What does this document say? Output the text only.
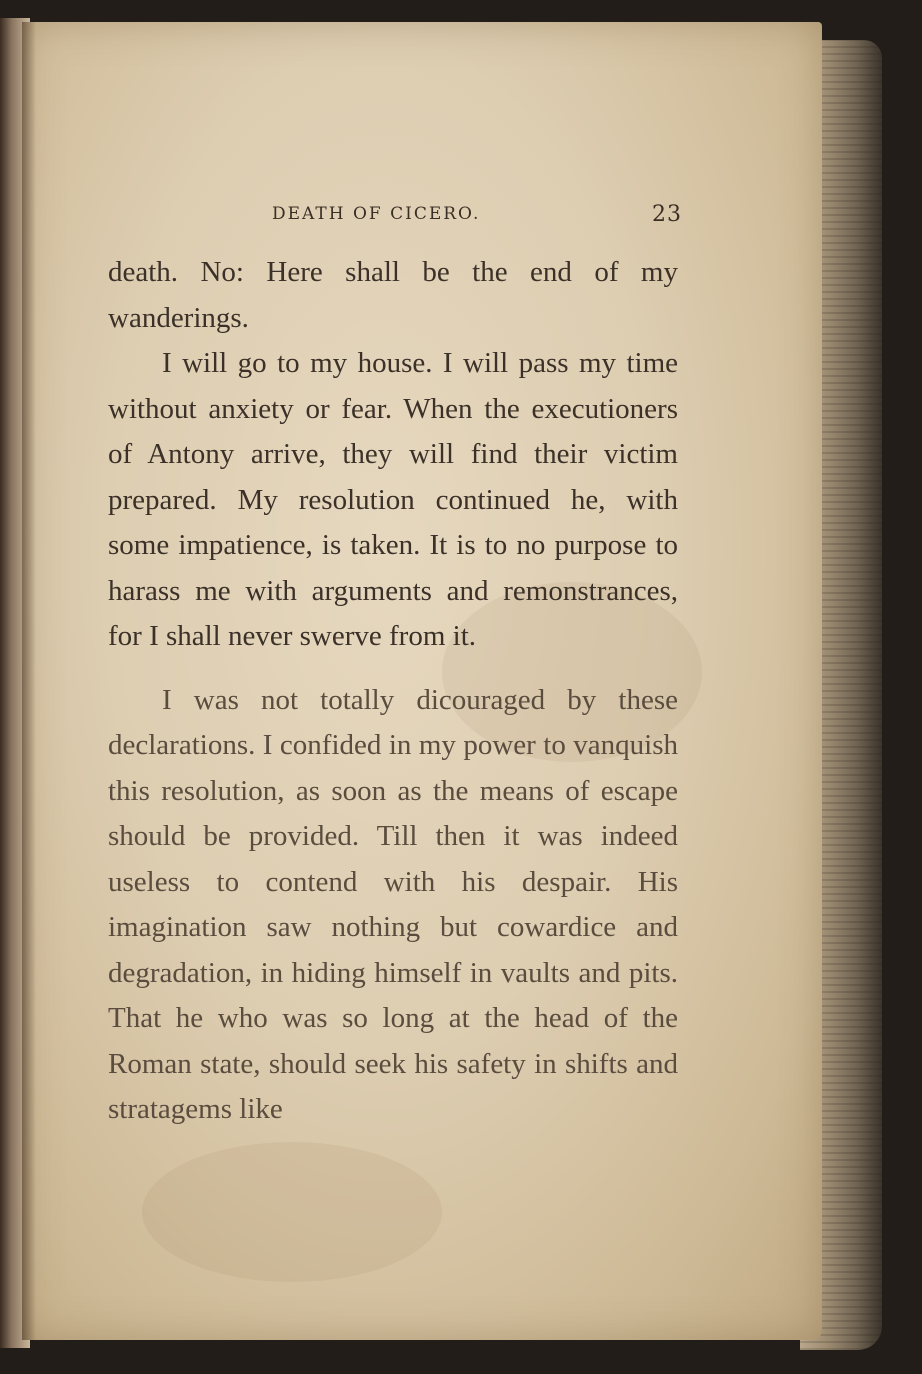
DEATH OF CICERO.	23

death. No: Here shall be the end of my wanderings.

I will go to my house. I will pass my time without anxiety or fear. When the executioners of Antony arrive, they will find their victim prepared. My resolution continued he, with some impatience, is taken. It is to no purpose to harass me with arguments and remonstrances, for I shall never swerve from it.

I was not totally dicouraged by these declarations. I confided in my power to vanquish this resolution, as soon as the means of escape should be provided. Till then it was indeed useless to contend with his despair. His imagination saw nothing but cowardice and degradation, in hiding himself in vaults and pits. That he who was so long at the head of the Roman state, should seek his safety in shifts and stratagems like
